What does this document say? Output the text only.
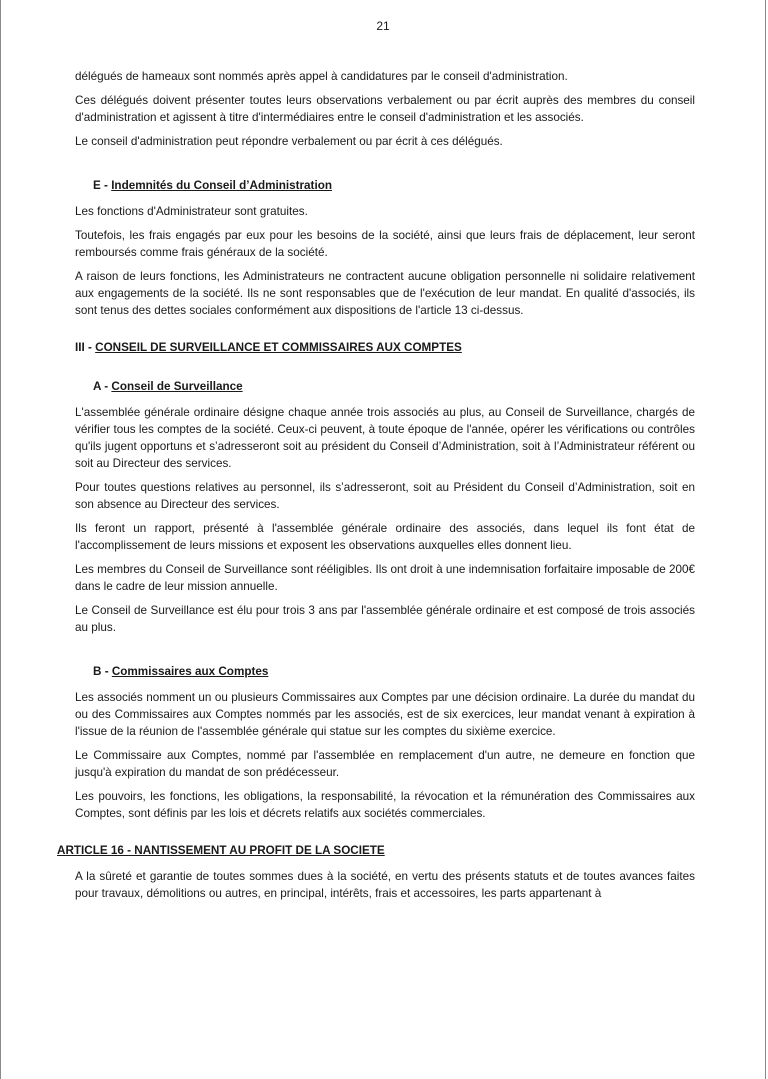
21

délégués de hameaux sont nommés après appel à candidatures par le conseil d'administration.

Ces délégués doivent présenter toutes leurs observations verbalement ou par écrit auprès des membres du conseil d'administration et agissent à titre d'intermédiaires entre le conseil d'administration et les associés.

Le conseil d'administration peut répondre verbalement ou par écrit à ces délégués.

E - Indemnités du Conseil d’Administration

Les fonctions d'Administrateur sont gratuites.

Toutefois, les frais engagés par eux pour les besoins de la société, ainsi que leurs frais de déplacement, leur seront remboursés comme frais généraux de la société.

A raison de leurs fonctions, les Administrateurs ne contractent aucune obligation personnelle ni solidaire relativement aux engagements de la société. Ils ne sont responsables que de l'exécution de leur mandat. En qualité d'associés, ils sont tenus des dettes sociales conformément aux dispositions de l'article 13 ci-dessus.

III - CONSEIL DE SURVEILLANCE ET COMMISSAIRES AUX COMPTES
A - Conseil de Surveillance

L'assemblée générale ordinaire désigne chaque année trois associés au plus, au Conseil de Surveillance, chargés de vérifier tous les comptes de la société. Ceux-ci peuvent, à toute époque de l'année, opérer les vérifications ou contrôles qu'ils jugent opportuns et s’adresseront soit au président du Conseil d’Administration, soit à l’Administrateur référent ou soit au Directeur des services.

Pour toutes questions relatives au personnel, ils s’adresseront, soit au Président du Conseil d’Administration, soit en son absence au Directeur des services.

Ils feront un rapport, présenté à l'assemblée générale ordinaire des associés, dans lequel ils font état de l'accomplissement de leurs missions et exposent les observations auxquelles elles donnent lieu.

Les membres du Conseil de Surveillance sont rééligibles. Ils ont droit à une indemnisation forfaitaire imposable de 200€ dans le cadre de leur mission annuelle.

Le Conseil de Surveillance est élu pour trois 3 ans par l'assemblée générale ordinaire et est composé de trois associés au plus.

B - Commissaires aux Comptes

Les associés nomment un ou plusieurs Commissaires aux Comptes par une décision ordinaire. La durée du mandat du ou des Commissaires aux Comptes nommés par les associés, est de six exercices, leur mandat venant à expiration à l'issue de la réunion de l'assemblée générale qui statue sur les comptes du sixième exercice.

Le Commissaire aux Comptes, nommé par l'assemblée en remplacement d'un autre, ne demeure en fonction que jusqu'à expiration du mandat de son prédécesseur.

Les pouvoirs, les fonctions, les obligations, la responsabilité, la révocation et la rémunération des Commissaires aux Comptes, sont définis par les lois et décrets relatifs aux sociétés commerciales.

ARTICLE 16 - NANTISSEMENT AU PROFIT DE LA SOCIETE

A la sûreté et garantie de toutes sommes dues à la société, en vertu des présents statuts et de toutes avances faites pour travaux, démolitions ou autres, en principal, intérêts, frais et accessoires, les parts appartenant à
